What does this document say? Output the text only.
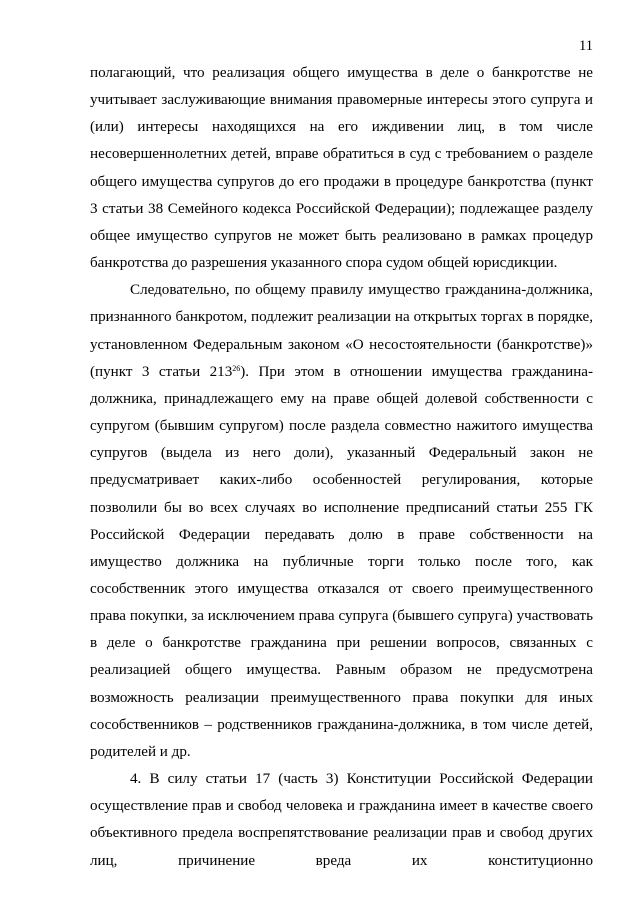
11

полагающий, что реализация общего имущества в деле о банкротстве не учитывает заслуживающие внимания правомерные интересы этого супруга и (или) интересы находящихся на его иждивении лиц, в том числе несовершеннолетних детей, вправе обратиться в суд с требованием о разделе общего имущества супругов до его продажи в процедуре банкротства (пункт 3 статьи 38 Семейного кодекса Российской Федерации); подлежащее разделу общее имущество супругов не может быть реализовано в рамках процедур банкротства до разрешения указанного спора судом общей юрисдикции.

Следовательно, по общему правилу имущество гражданина-должника, признанного банкротом, подлежит реализации на открытых торгах в порядке, установленном Федеральным законом «О несостоятельности (банкротстве)» (пункт 3 статьи $213^{26}$). При этом в отношении имущества гражданина-должника, принадлежащего ему на праве общей долевой собственности с супругом (бывшим супругом) после раздела совместно нажитого имущества супругов (выдела из него доли), указанный Федеральный закон не предусматривает каких-либо особенностей регулирования, которые позволили бы во всех случаях во исполнение предписаний статьи 255 ГК Российской Федерации передавать долю в праве собственности на имущество должника на публичные торги только после того, как сособственник этого имущества отказался от своего преимущественного права покупки, за исключением права супруга (бывшего супруга) участвовать в деле о банкротстве гражданина при решении вопросов, связанных с реализацией общего имущества. Равным образом не предусмотрена возможность реализации преимущественного права покупки для иных сособственников – родственников гражданина-должника, в том числе детей, родителей и др.

4. В силу статьи 17 (часть 3) Конституции Российской Федерации осуществление прав и свобод человека и гражданина имеет в качестве своего объективного предела воспрепятствование реализации прав и свобод других лиц, причинение вреда их конституционно
